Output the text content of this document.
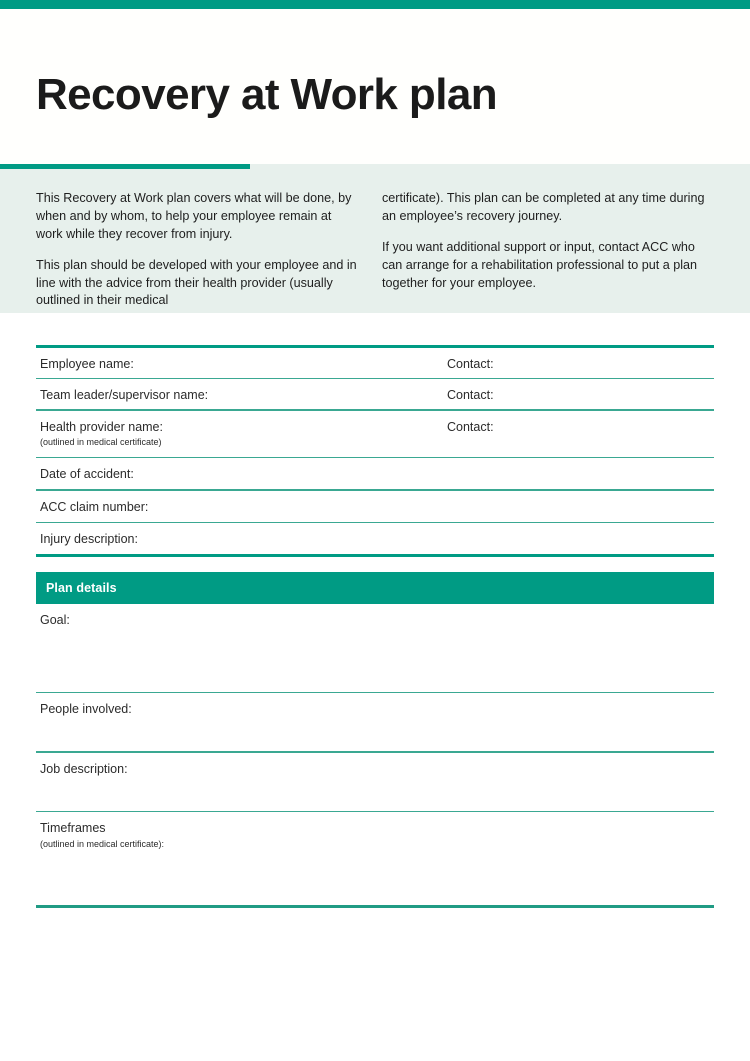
Recovery at Work plan

This Recovery at Work plan covers what will be done, by when and by whom, to help your employee remain at work while they recover from injury.

This plan should be developed with your employee and in line with the advice from their health provider (usually outlined in their medical

certificate). This plan can be completed at any time during an employee’s recovery journey.

If you want additional support or input, contact ACC who can arrange for a rehabilitation professional to put a plan together for your employee.

Employee name:	Contact:
Team leader/supervisor name:	Contact:
Health provider name:
(outlined in medical certificate)
Contact:
Date of accident:
ACC claim number:
Injury description:
Plan details
Goal:
People involved:
Job description:
Timeframes
(outlined in medical certificate):
